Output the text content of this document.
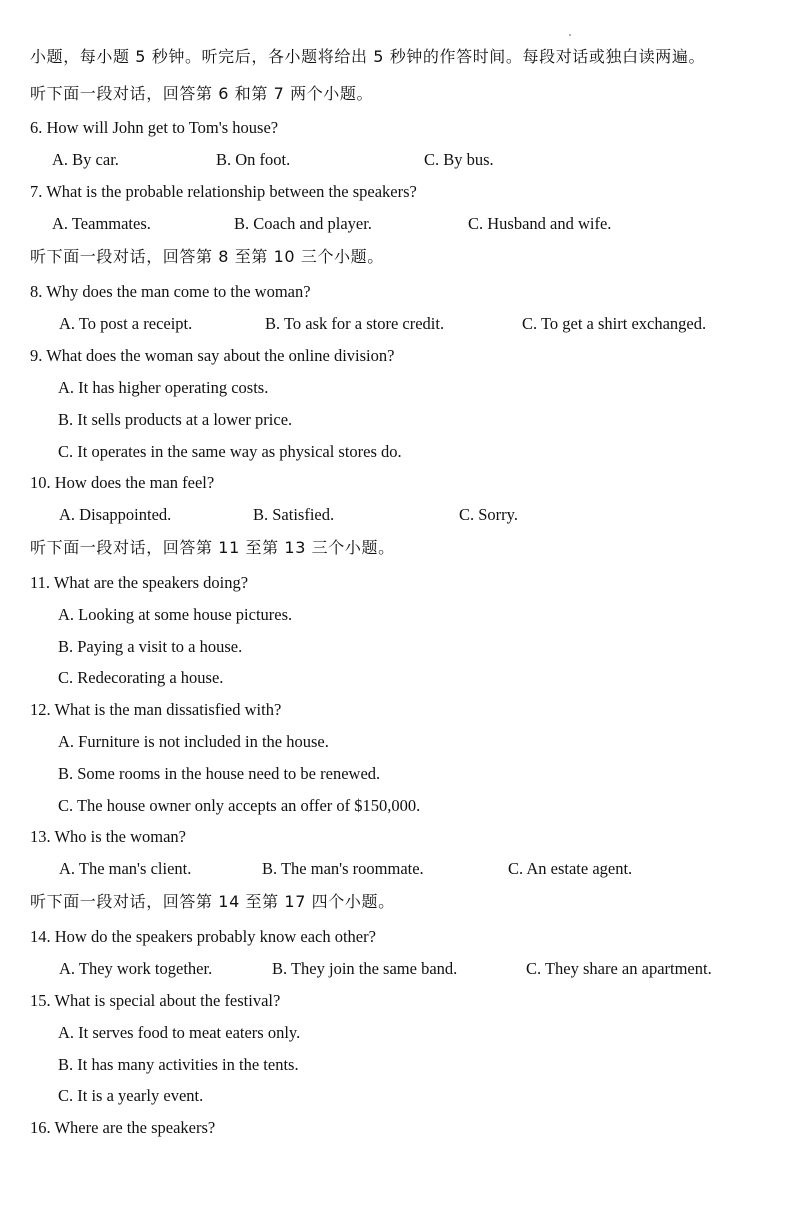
小题，每小题 5 秒钟。听完后，各小题将给出 5 秒钟的作答时间。每段对话或独白读两遍。
听下面一段对话，回答第 6 和第 7 两个小题。
6. How will John get to Tom's house?
A. By car.	B. On foot.	C. By bus.
7. What is the probable relationship between the speakers?
A. Teammates.	B. Coach and player.	C. Husband and wife.
听下面一段对话，回答第 8 至第 10 三个小题。
8. Why does the man come to the woman?
A. To post a receipt.	B. To ask for a store credit.	C. To get a shirt exchanged.
9. What does the woman say about the online division?
A. It has higher operating costs.
B. It sells products at a lower price.
C. It operates in the same way as physical stores do.
10. How does the man feel?
A. Disappointed.	B. Satisfied.	C. Sorry.
听下面一段对话，回答第 11 至第 13 三个小题。
11. What are the speakers doing?
A. Looking at some house pictures.
B. Paying a visit to a house.
C. Redecorating a house.
12. What is the man dissatisfied with?
A. Furniture is not included in the house.
B. Some rooms in the house need to be renewed.
C. The house owner only accepts an offer of $150,000.
13. Who is the woman?
A. The man's client.	B. The man's roommate.	C. An estate agent.
听下面一段对话，回答第 14 至第 17 四个小题。
14. How do the speakers probably know each other?
A. They work together.	B. They join the same band.	C. They share an apartment.
15. What is special about the festival?
A. It serves food to meat eaters only.
B. It has many activities in the tents.
C. It is a yearly event.
16. Where are the speakers?
